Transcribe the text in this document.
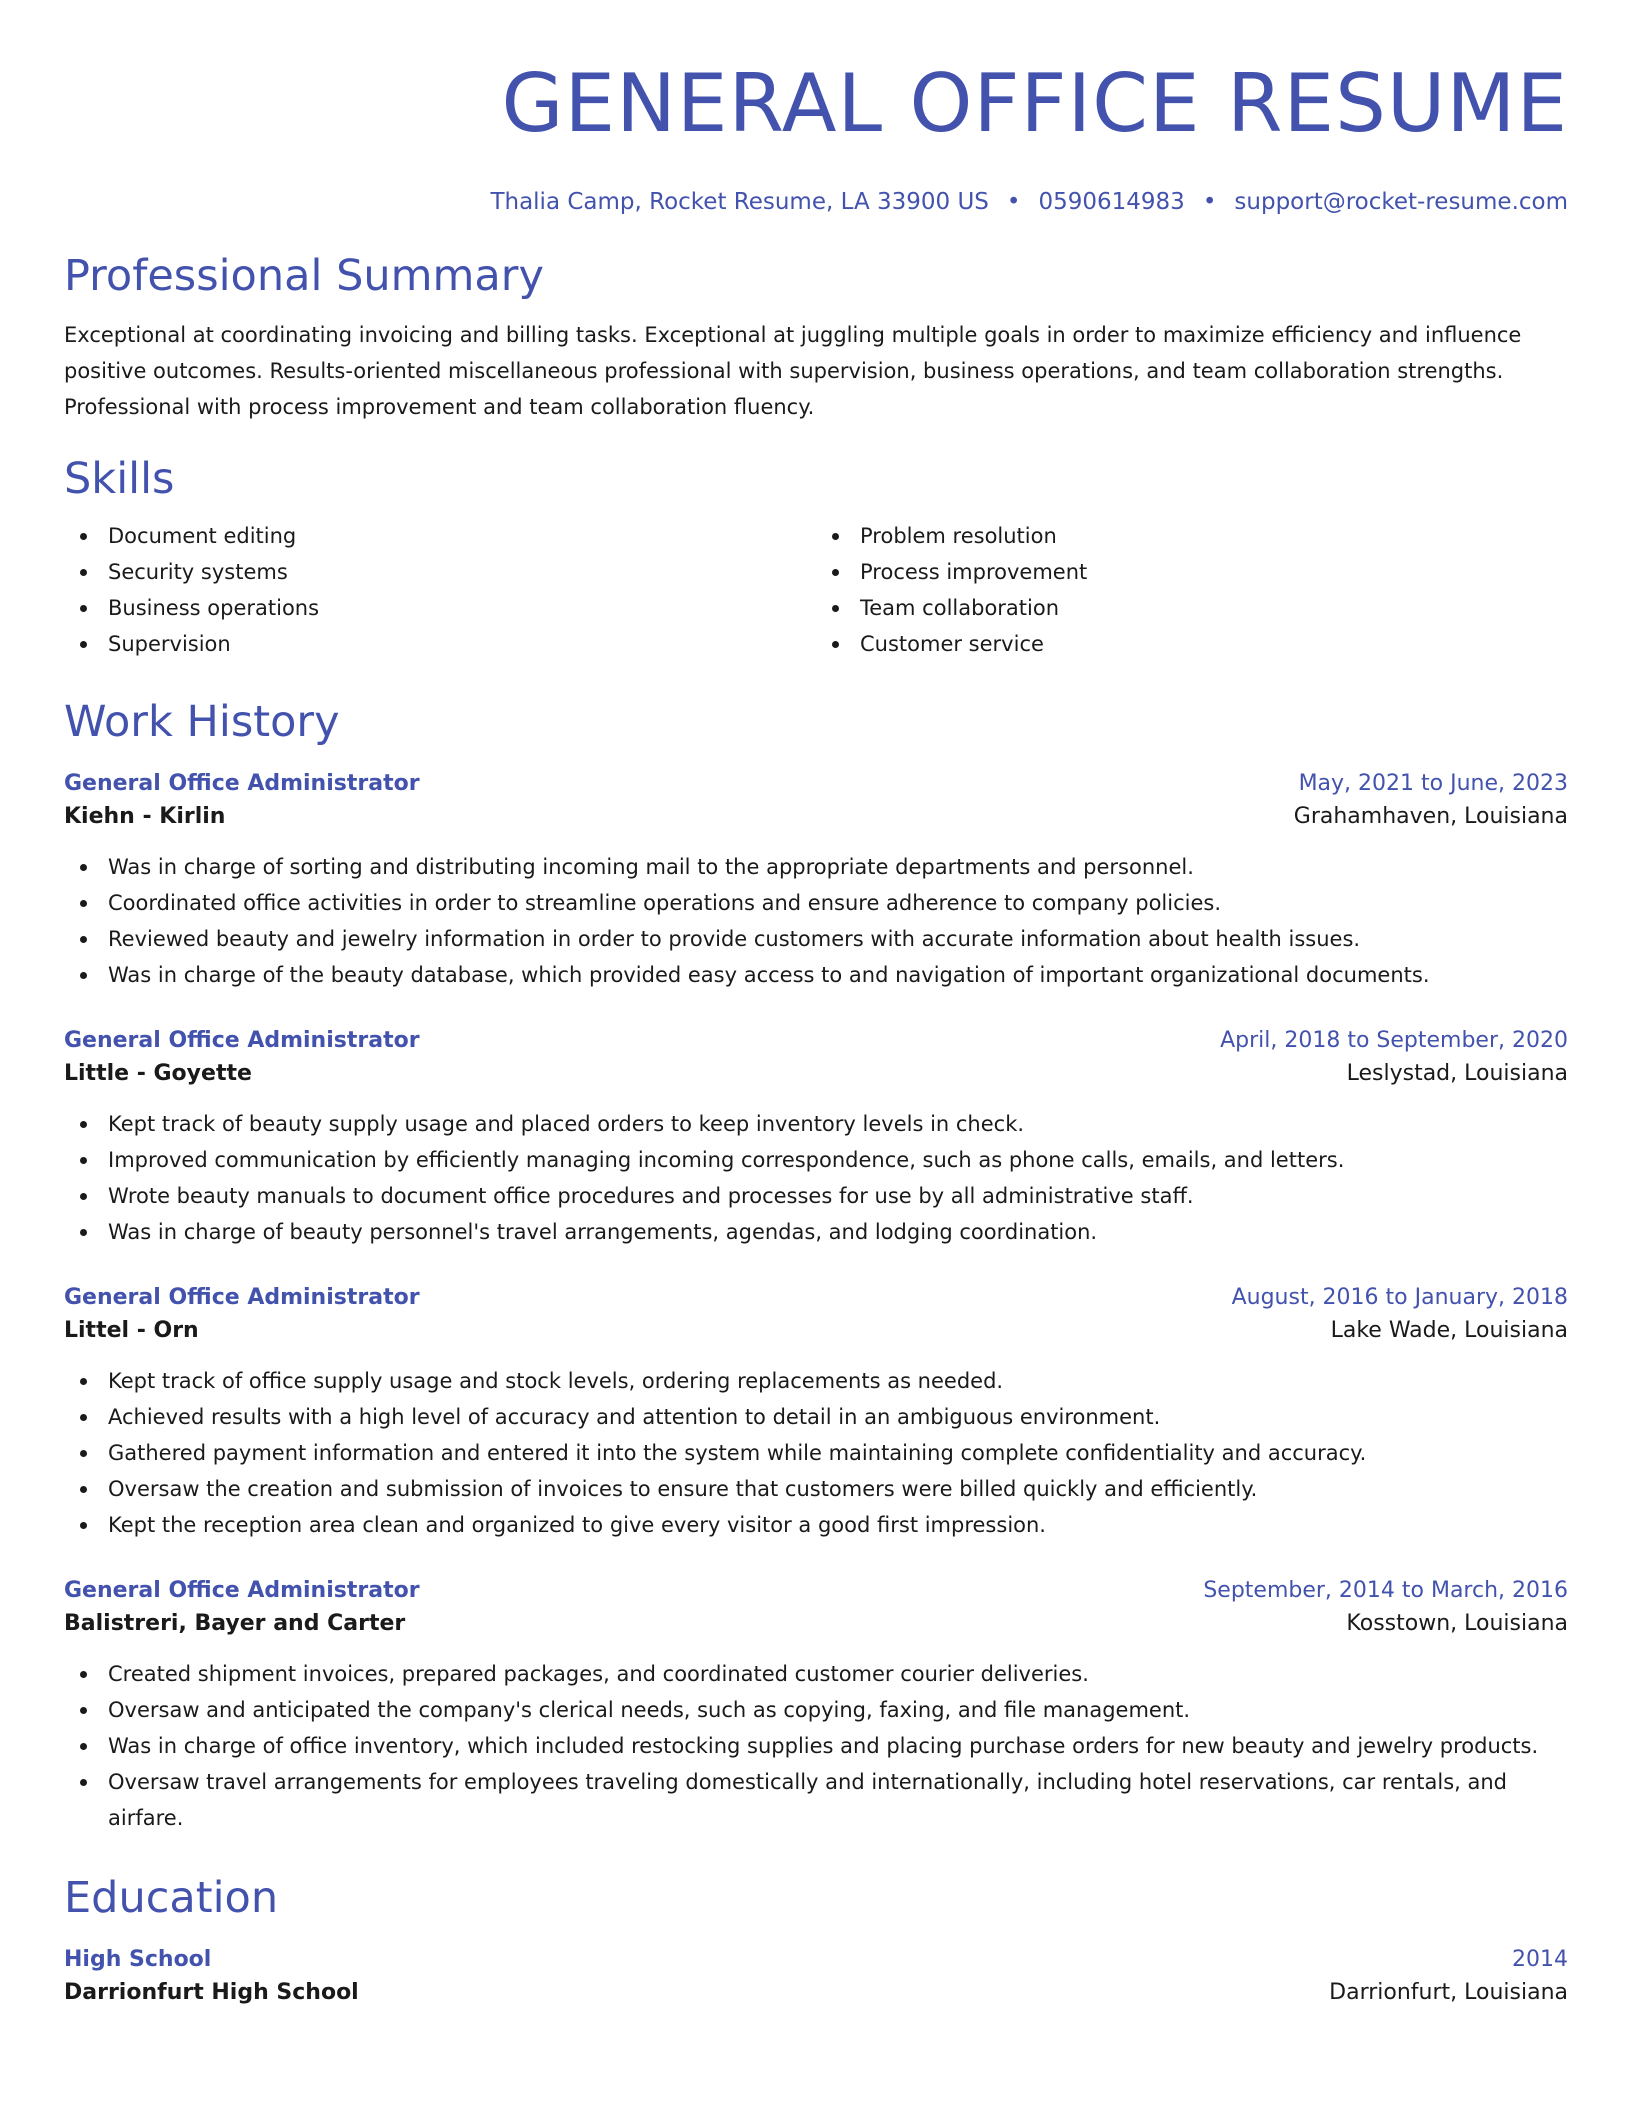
GENERAL OFFICE RESUME
Thalia Camp, Rocket Resume, LA 33900 US • 0590614983 • support@rocket-resume.com
Professional Summary
Exceptional at coordinating invoicing and billing tasks. Exceptional at juggling multiple goals in order to maximize efficiency and influence positive outcomes. Results-oriented miscellaneous professional with supervision, business operations, and team collaboration strengths. Professional with process improvement and team collaboration fluency.
Skills
Document editing
Security systems
Business operations
Supervision
Problem resolution
Process improvement
Team collaboration
Customer service
Work History
General Office Administrator	May, 2021 to June, 2023
Kiehn - Kirlin	Grahamhaven, Louisiana
Was in charge of sorting and distributing incoming mail to the appropriate departments and personnel.
Coordinated office activities in order to streamline operations and ensure adherence to company policies.
Reviewed beauty and jewelry information in order to provide customers with accurate information about health issues.
Was in charge of the beauty database, which provided easy access to and navigation of important organizational documents.
General Office Administrator	April, 2018 to September, 2020
Little - Goyette	Leslystad, Louisiana
Kept track of beauty supply usage and placed orders to keep inventory levels in check.
Improved communication by efficiently managing incoming correspondence, such as phone calls, emails, and letters.
Wrote beauty manuals to document office procedures and processes for use by all administrative staff.
Was in charge of beauty personnel's travel arrangements, agendas, and lodging coordination.
General Office Administrator	August, 2016 to January, 2018
Littel - Orn	Lake Wade, Louisiana
Kept track of office supply usage and stock levels, ordering replacements as needed.
Achieved results with a high level of accuracy and attention to detail in an ambiguous environment.
Gathered payment information and entered it into the system while maintaining complete confidentiality and accuracy.
Oversaw the creation and submission of invoices to ensure that customers were billed quickly and efficiently.
Kept the reception area clean and organized to give every visitor a good first impression.
General Office Administrator	September, 2014 to March, 2016
Balistreri, Bayer and Carter	Kosstown, Louisiana
Created shipment invoices, prepared packages, and coordinated customer courier deliveries.
Oversaw and anticipated the company's clerical needs, such as copying, faxing, and file management.
Was in charge of office inventory, which included restocking supplies and placing purchase orders for new beauty and jewelry products.
Oversaw travel arrangements for employees traveling domestically and internationally, including hotel reservations, car rentals, and airfare.
Education
High School	2014
Darrionfurt High School	Darrionfurt, Louisiana
